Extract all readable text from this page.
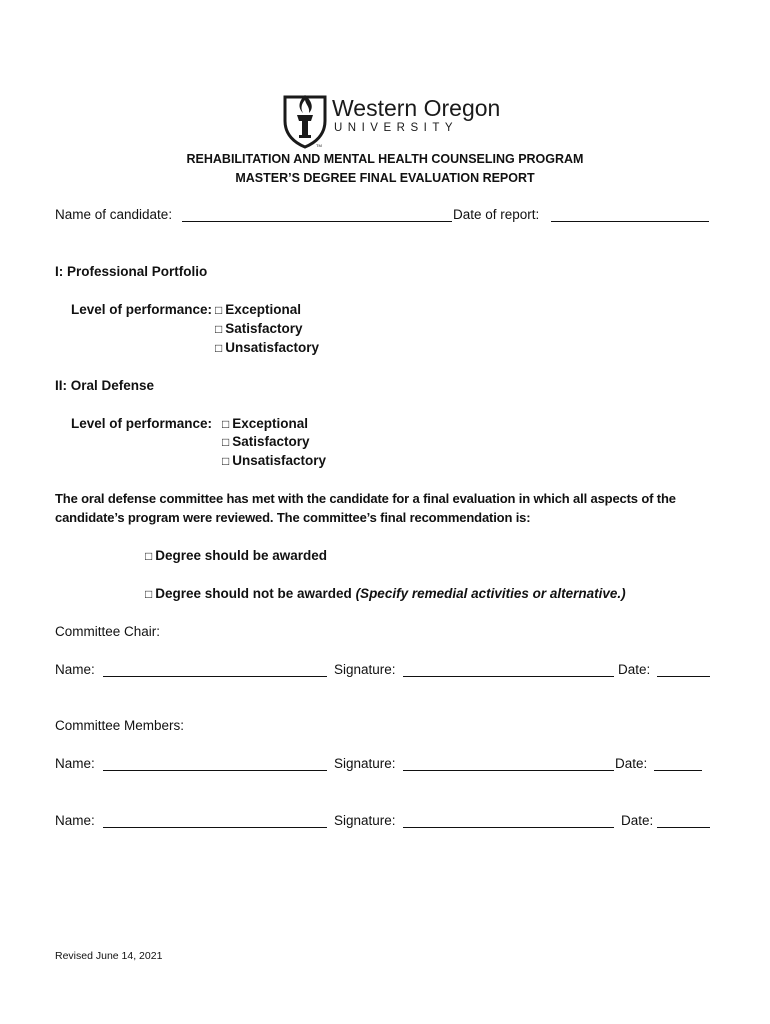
Western Oregon
UNIVERSITY
TM
REHABILITATION AND MENTAL HEALTH COUNSELING PROGRAM
MASTER’S DEGREE FINAL EVALUATION REPORT
Name of candidate:	Date of report:
I: Professional Portfolio
Level of performance: □ Exceptional
□ Satisfactory
□ Unsatisfactory
II: Oral Defense
Level of performance: □ Exceptional
□ Satisfactory
□ Unsatisfactory
The oral defense committee has met with the candidate for a final evaluation in which all aspects of the
candidate’s program were reviewed. The committee’s final recommendation is:
□ Degree should be awarded
□ Degree should not be awarded (Specify remedial activities or alternative.)
Committee Chair:
Name:	Signature:	Date:
Committee Members:
Name:	Signature:	Date:
Name:	Signature:	Date:
Revised June 14, 2021
